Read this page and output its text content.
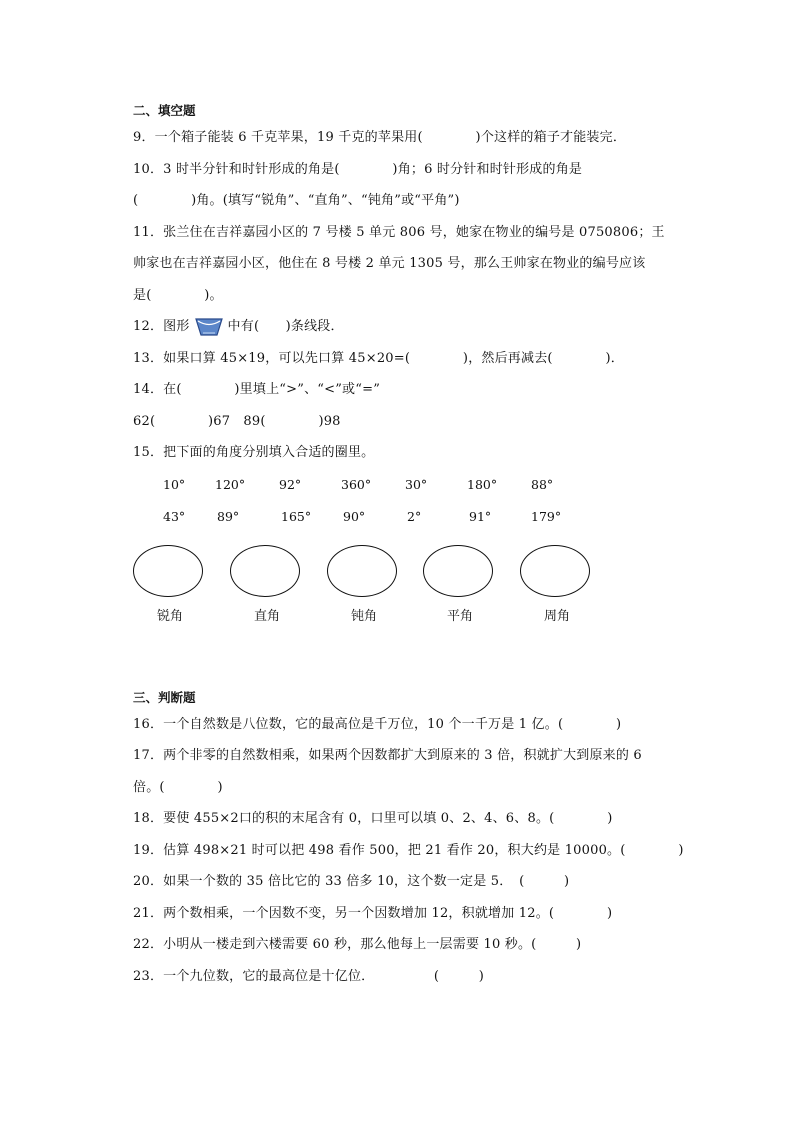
二、填空题
9．一个箱子能装 6 千克苹果，19 千克的苹果用(　　　　)个这样的箱子才能装完．
10．3 时半分针和时针形成的角是(　　　　)角；6 时分针和时针形成的角是
(　　　　)角。(填写“锐角”、“直角”、“钝角”或“平角”)
11．张兰住在吉祥嘉园小区的 7 号楼 5 单元 806 号，她家在物业的编号是 0750806；王
帅家也在吉祥嘉园小区，他住在 8 号楼 2 单元 1305 号，那么王帅家在物业的编号应该
是(　　　　)。
12．图形	中有(　　)条线段．
13．如果口算 45×19，可以先口算 45×20=(　　　　)，然后再减去(　　　　)．
14．在(　　　　)里填上“>”、“<”或“=”
62(　　　　)67　89(　　　　)98
15．把下面的角度分别填入合适的圈里。
10° 120°	92°	360°	30°	180°	88°
43°	89°	165°	90°	2°	91°	179°
锐角	直角	钝角	平角	周角
三、判断题
16．一个自然数是八位数，它的最高位是千万位，10 个一千万是 1 亿。(　　　　)
17．两个非零的自然数相乘，如果两个因数都扩大到原来的 3 倍，积就扩大到原来的 6
倍。(　　　　)
18．要使 455×2口的积的末尾含有 0，口里可以填 0、2、4、6、8。(　　　　)
19．估算 498×21 时可以把 498 看作 500，把 21 看作 20，积大约是 10000。(　　　　)
20．如果一个数的 35 倍比它的 33 倍多 10，这个数一定是 5．　(　　　)
21．两个数相乘，一个因数不变，另一个因数增加 12，积就增加 12。(　　　　)
22．小明从一楼走到六楼需要 60 秒，那么他每上一层需要 10 秒。(　　　)
23．一个九位数，它的最高位是十亿位．　　　　　(　　　)
